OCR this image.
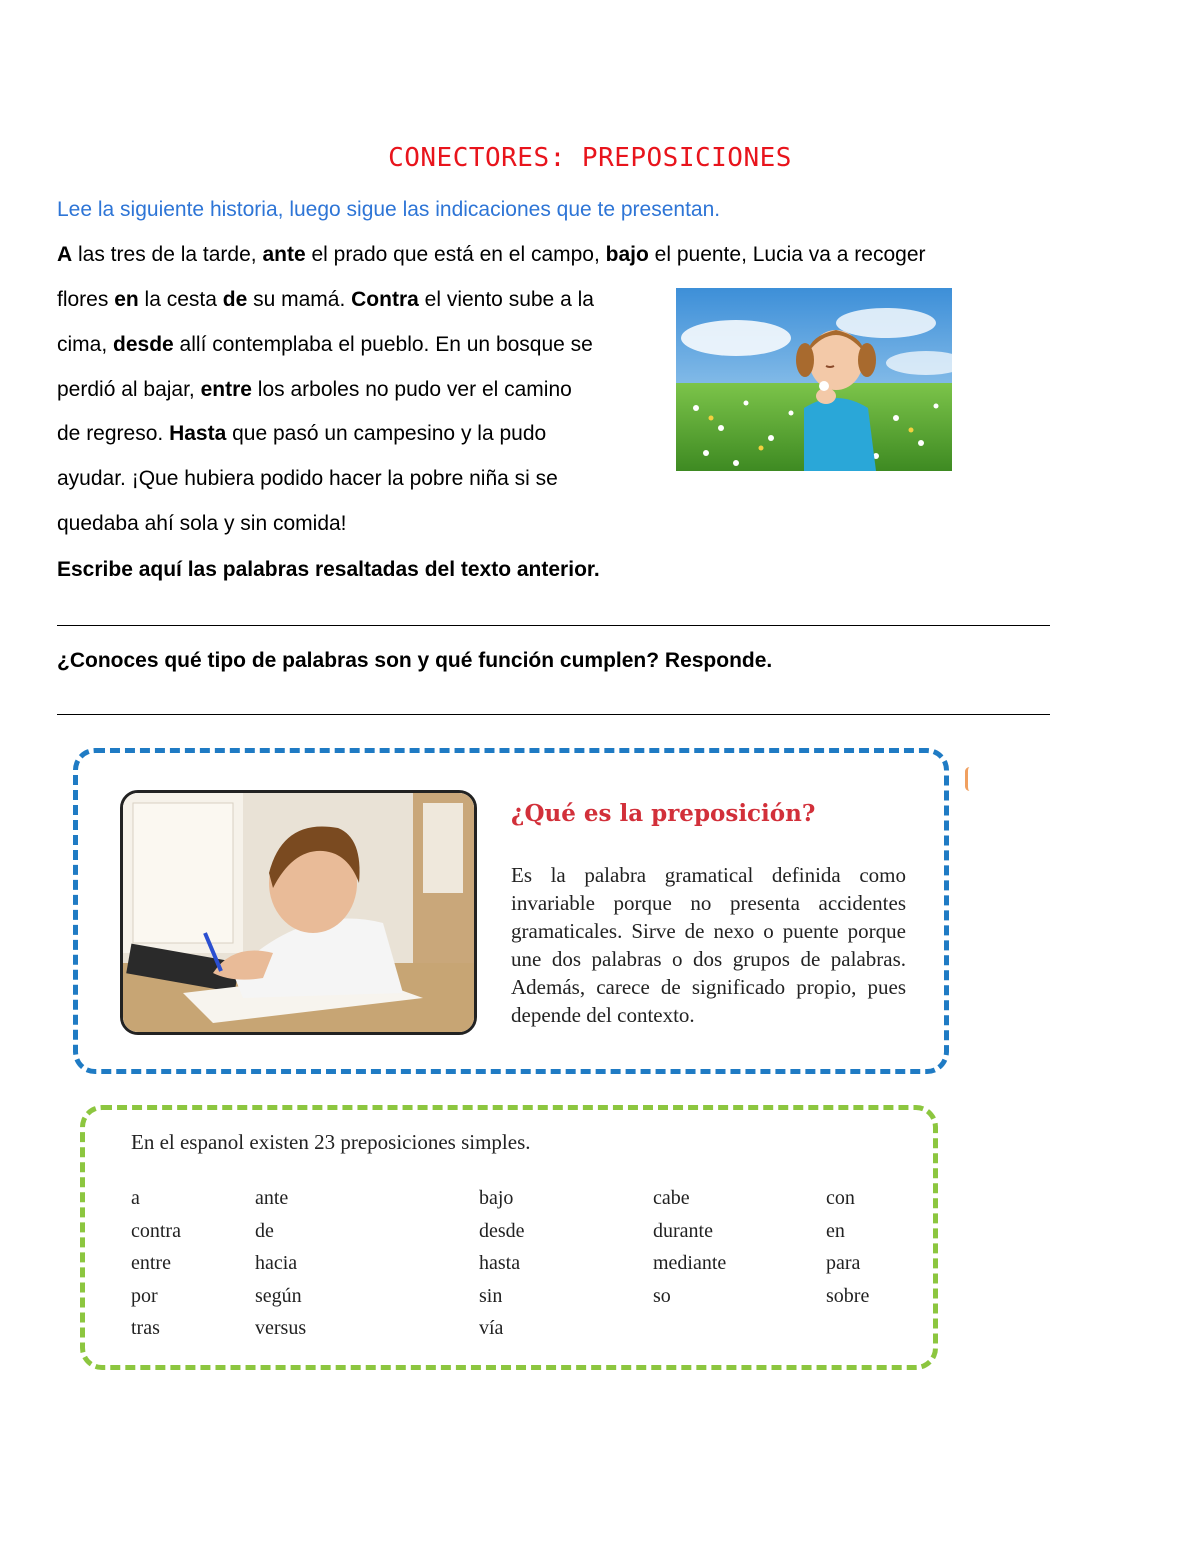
CONECTORES: PREPOSICIONES
Lee la siguiente historia, luego sigue las indicaciones que te presentan.
A las tres de la tarde, ante el prado que está en el campo, bajo el puente, Lucia va a recoger
flores en la cesta de su mamá. Contra el viento sube a la
cima, desde allí contemplaba el pueblo. En un bosque se
perdió al bajar, entre los arboles no pudo ver el camino
de regreso. Hasta que pasó un campesino y la pudo
ayudar. ¡Que hubiera podido hacer la pobre niña si se
quedaba ahí sola y sin comida!
Escribe aquí las palabras resaltadas del texto anterior.
¿Conoces qué tipo de palabras son y qué función cumplen? Responde.
¿Qué es la preposición?
Es la palabra gramatical definida como invariable porque no presenta accidentes gramaticales. Sirve de nexo o puente porque une dos palabras o dos grupos de palabras. Además, carece de significado propio, pues depende del contexto.
En el espanol existen 23 preposiciones simples.
a	ante	bajo	cabe	con
contra	de	desde	durante	en
entre	hacia	hasta	mediante	para
por	según	sin	so	sobre
tras	versus	vía
